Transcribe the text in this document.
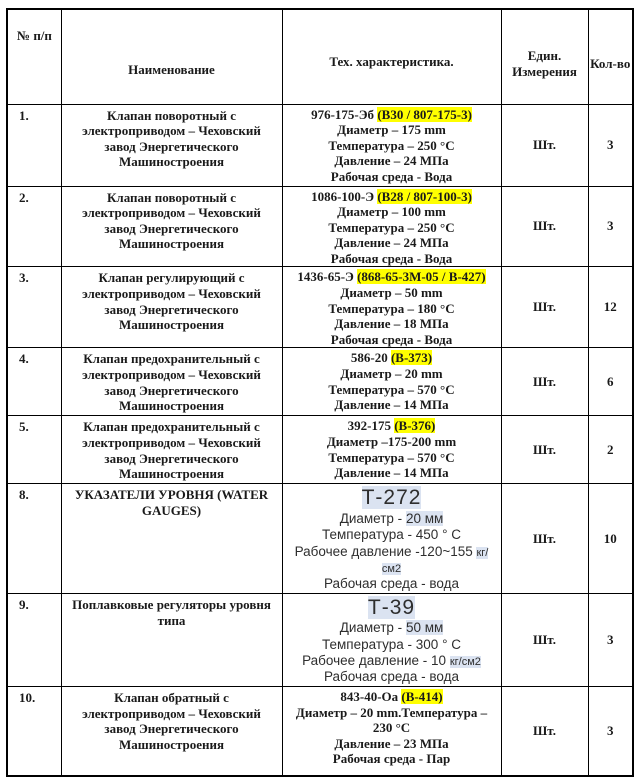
№ п/п	Наименование	Тех. характеристика.	Един. Измерения	Кол-во
1.	Клапан поворотный с электроприводом – Чеховский завод Энергетического Машиностроения	976-175-Эб (В30 / 807-175-3)
Диаметр – 175 mm
Температура – 250 °С
Давление – 24 МПа
Рабочая среда - Вода	Шт.	3
2.	Клапан поворотный с электроприводом – Чеховский завод Энергетического Машиностроения	1086-100-Э (В28 / 807-100-3)
Диаметр – 100 mm
Температура – 250 °С
Давление – 24 МПа
Рабочая среда - Вода	Шт.	3
3.	Клапан регулирующий с электроприводом – Чеховский завод Энергетического Машиностроения	1436-65-Э (868-65-3М-05 / В-427)
Диаметр – 50 mm
Температура – 180 °С
Давление – 18 МПа
Рабочая среда - Вода	Шт.	12
4.	Клапан предохранительный с электроприводом – Чеховский завод Энергетического Машиностроения	586-20 (В-373)
Диаметр – 20 mm
Температура – 570 °С
Давление – 14 МПа	Шт.	6
5.	Клапан предохранительный с электроприводом – Чеховский завод Энергетического Машиностроения	392-175 (В-376)
Диаметр –175-200 mm
Температура – 570 °С
Давление – 14 МПа	Шт.	2
8.	УКАЗАТЕЛИ УРОВНЯ (WATER GAUGES)	Т-272
Диаметр - 20 мм
Температура - 450 ° С
Рабочее давление -120~155 кг/см2
Рабочая среда - вода	Шт.	10
9.	Поплавковые регуляторы уровня типа	Т-39
Диаметр - 50 мм
Температура - 300 ° С
Рабочее давление - 10 кг/см2
Рабочая среда - вода	Шт.	3
10.	Клапан обратный с электроприводом – Чеховский завод Энергетического Машиностроения	843-40-Оа (В-414)
Диаметр – 20 mm.Температура –
230 °С
Давление – 23 МПа
Рабочая среда - Пар	Шт.	3
